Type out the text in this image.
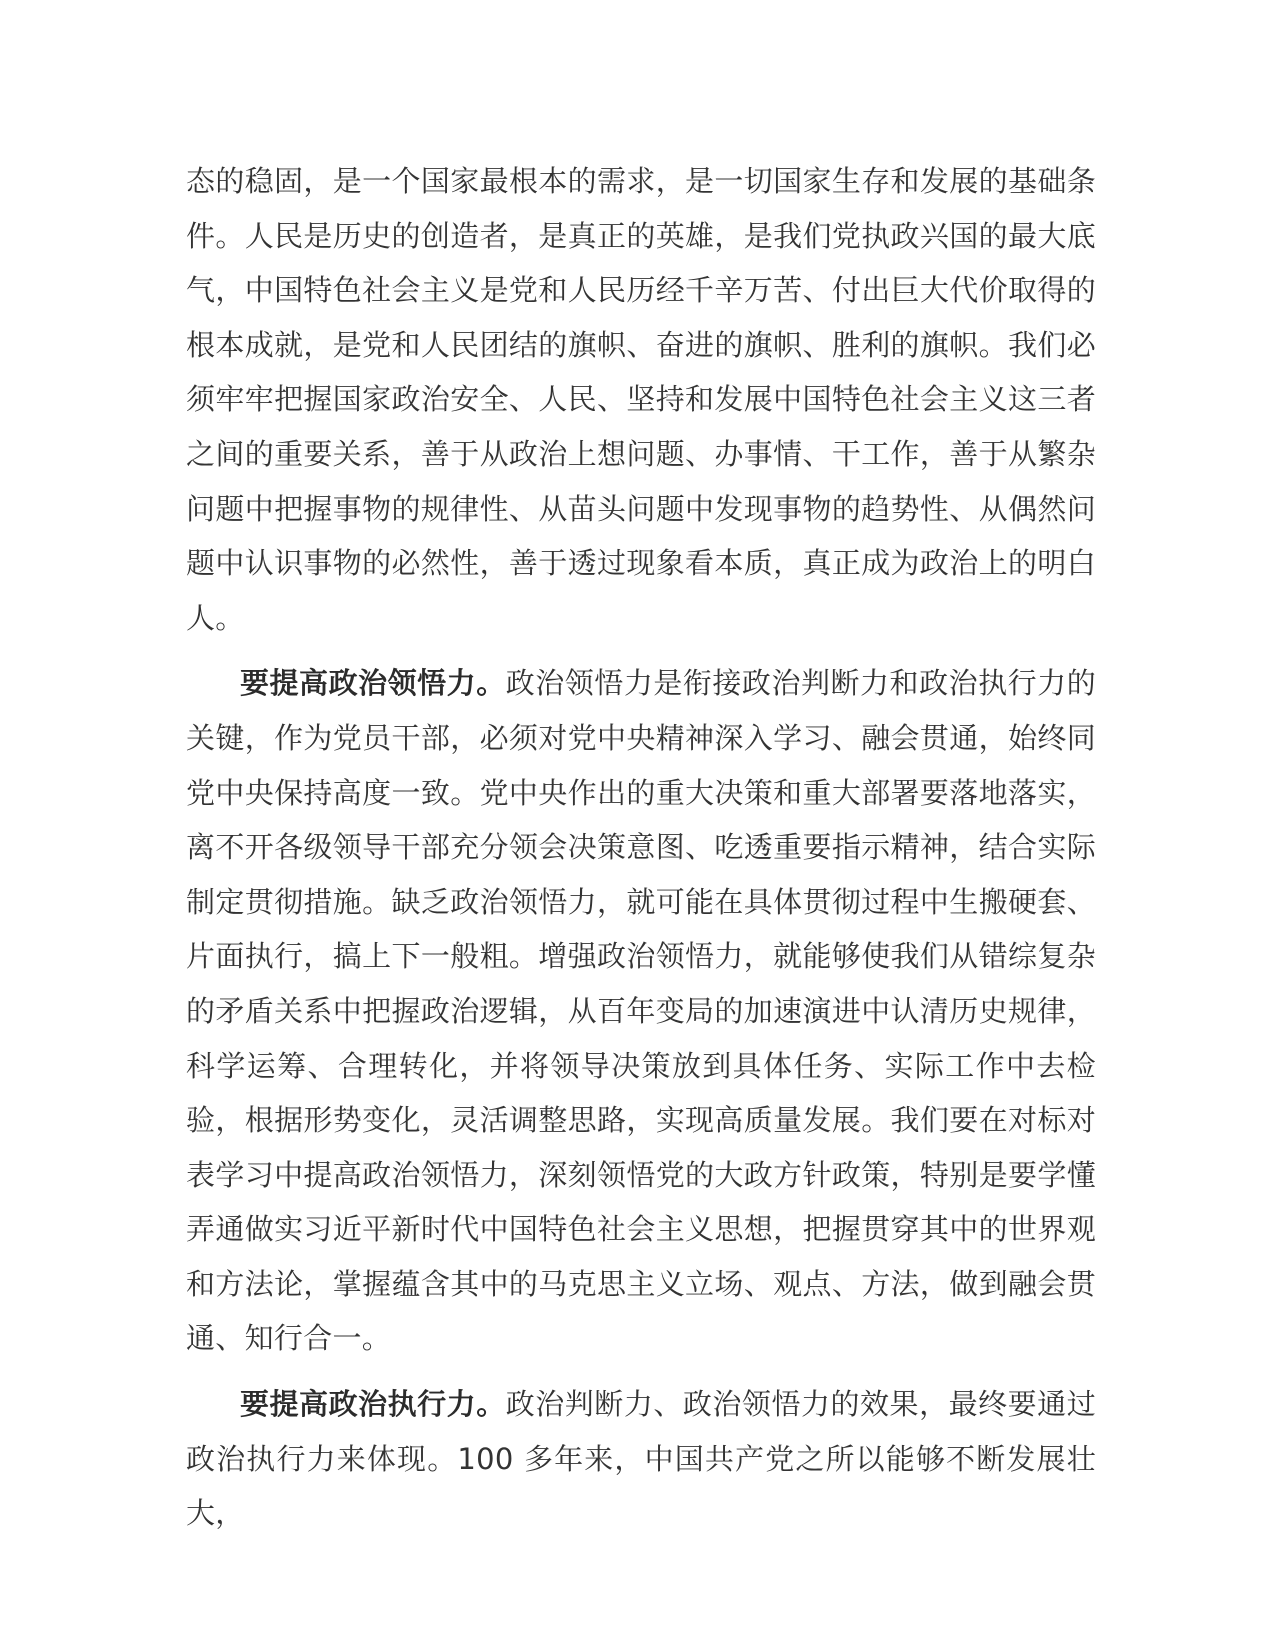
态的稳固，是一个国家最根本的需求，是一切国家生存和发展的基础条件。人民是历史的创造者，是真正的英雄，是我们党执政兴国的最大底气，中国特色社会主义是党和人民历经千辛万苦、付出巨大代价取得的根本成就，是党和人民团结的旗帜、奋进的旗帜、胜利的旗帜。我们必须牢牢把握国家政治安全、人民、坚持和发展中国特色社会主义这三者之间的重要关系，善于从政治上想问题、办事情、干工作，善于从繁杂问题中把握事物的规律性、从苗头问题中发现事物的趋势性、从偶然问题中认识事物的必然性，善于透过现象看本质，真正成为政治上的明白人。

要提高政治领悟力。政治领悟力是衔接政治判断力和政治执行力的关键，作为党员干部，必须对党中央精神深入学习、融会贯通，始终同党中央保持高度一致。党中央作出的重大决策和重大部署要落地落实，离不开各级领导干部充分领会决策意图、吃透重要指示精神，结合实际制定贯彻措施。缺乏政治领悟力，就可能在具体贯彻过程中生搬硬套、片面执行，搞上下一般粗。增强政治领悟力，就能够使我们从错综复杂的矛盾关系中把握政治逻辑，从百年变局的加速演进中认清历史规律，科学运筹、合理转化，并将领导决策放到具体任务、实际工作中去检验，根据形势变化，灵活调整思路，实现高质量发展。我们要在对标对表学习中提高政治领悟力，深刻领悟党的大政方针政策，特别是要学懂弄通做实习近平新时代中国特色社会主义思想，把握贯穿其中的世界观和方法论，掌握蕴含其中的马克思主义立场、观点、方法，做到融会贯通、知行合一。

要提高政治执行力。政治判断力、政治领悟力的效果，最终要通过政治执行力来体现。100 多年来，中国共产党之所以能够不断发展壮大，
